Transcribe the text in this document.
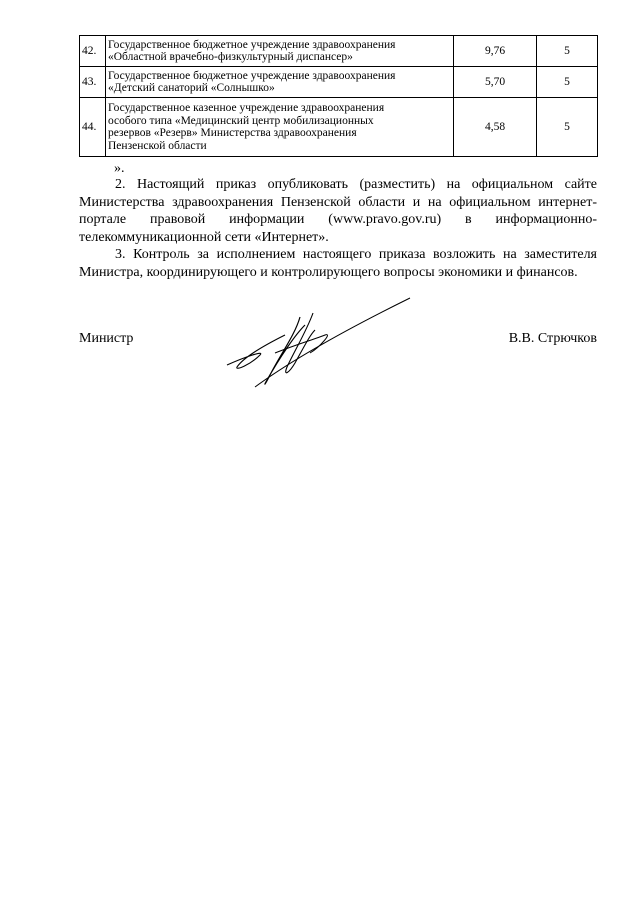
42.	Государственное бюджетное учреждение здравоохранения
«Областной врачебно-физкультурный диспансер»	9,76	5
43.	Государственное бюджетное учреждение здравоохранения
«Детский санаторий «Солнышко»	5,70	5
44.	Государственное казенное учреждение здравоохранения
особого типа «Медицинский центр мобилизационных
резервов «Резерв» Министерства здравоохранения
Пензенской области	4,58	5
».

2. Настоящий приказ опубликовать (разместить) на официальном сайте Министерства здравоохранения Пензенской области и на официальном интернет-портале правовой информации (www.pravo.gov.ru) в информационно-телекоммуникационной сети «Интернет».

3. Контроль за исполнением настоящего приказа возложить на заместителя Министра, координирующего и контролирующего вопросы экономики и финансов.

Министр	В.В. Стрючков
